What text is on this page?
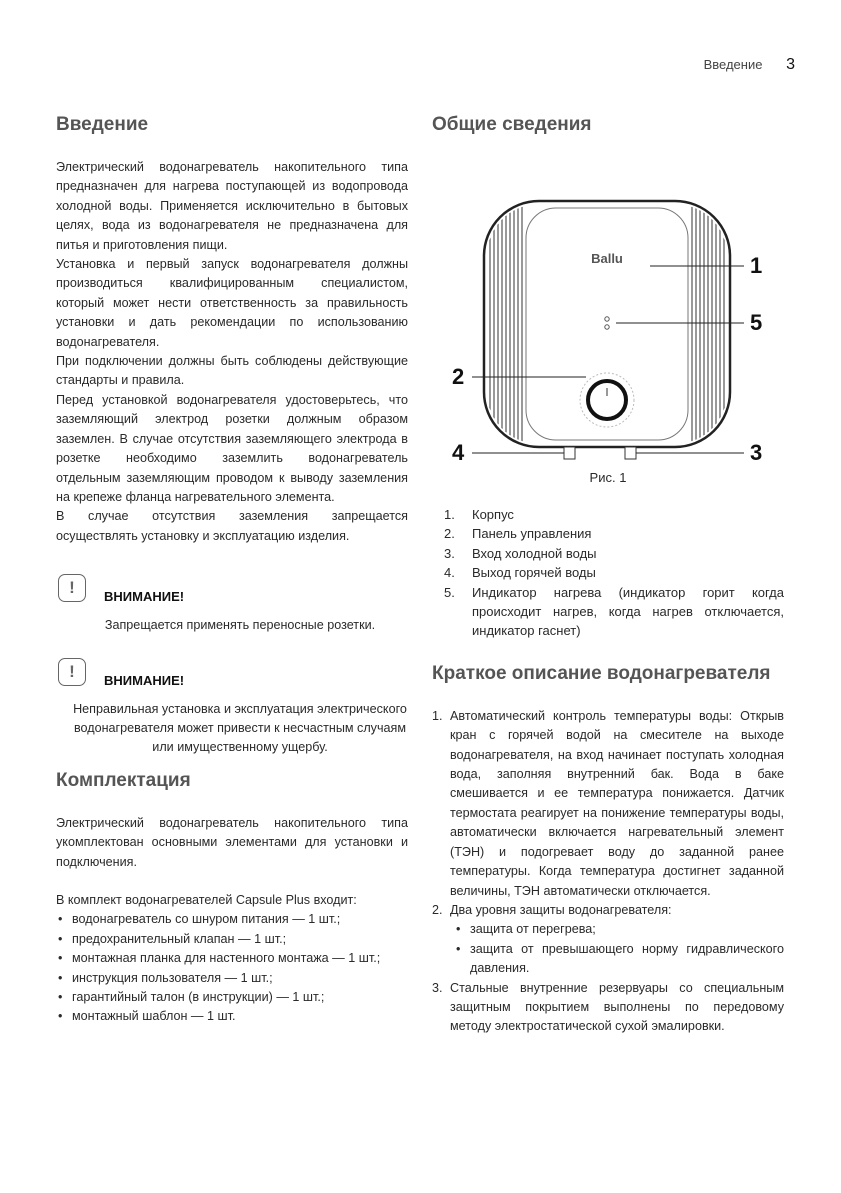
Введение 3
Введение

Электрический водонагреватель накопительного типа предназначен для нагрева поступающей из водопровода холодной воды. Применяется исключительно в бытовых целях, вода из водонагревателя не предназначена для питья и приготовления пищи.

Установка и первый запуск водонагревателя должны производиться квалифицированным специалистом, который может нести ответственность за правильность установки и дать рекомендации по использованию водонагревателя.

При подключении должны быть соблюдены действующие стандарты и правила.

Перед установкой водонагревателя удостоверьтесь, что заземляющий электрод розетки должным образом заземлен. В случае отсутствия заземляющего электрода в розетке необходимо заземлить водонагреватель отдельным заземляющим проводом к выводу заземления на крепеже фланца нагревательного элемента.

В случае отсутствия заземления запрещается осуществлять установку и эксплуатацию изделия.

!	ВНИМАНИЕ!

Запрещается применять переносные розетки.

!	ВНИМАНИЕ!

Неправильная установка и эксплуатация электрического водонагревателя может привести к несчастным случаям или имущественному ущербу.

Комплектация

Электрический водонагреватель накопительного типа укомплектован основными элементами для установки и подключения.

В комплект водонагревателей Capsule Plus входит:

• водонагреватель со шнуром питания — 1 шт.;
• предохранительный клапан — 1 шт.;
• монтажная планка для настенного монтажа — 1 шт.;
• инструкция пользователя — 1 шт.;
• гарантийный талон (в инструкции) — 1 шт.;
• монтажный шаблон — 1 шт.
Общие сведения
Ballu	1
5
2
4	3
Рис. 1
1.	Корпус
2.	Панель управления
3.	Вход холодной воды
4.	Выход горячей воды
5.	Индикатор нагрева (индикатор горит когда происходит нагрев, когда нагрев отключается, индикатор гаснет)
Краткое описание водонагревателя
1. Автоматический контроль температуры воды: Открыв кран с горячей водой на смесителе на выходе водонагревателя, на вход начинает поступать холодная вода, заполняя внутренний бак. Вода в баке смешивается и ее температура понижается. Датчик термостата реагирует на понижение температуры воды, автоматически включается нагревательный элемент (ТЭН) и подогревает воду до заданной ранее температуры. Когда температура достигнет заданной величины, ТЭН автоматически отключается.
2. Два уровня защиты водонагревателя:
• защита от перегрева;
• защита от превышающего норму гидравлического давления.
3. Стальные внутренние резервуары со специальным защитным покрытием выполнены по передовому методу электростатической сухой эмалировки.
